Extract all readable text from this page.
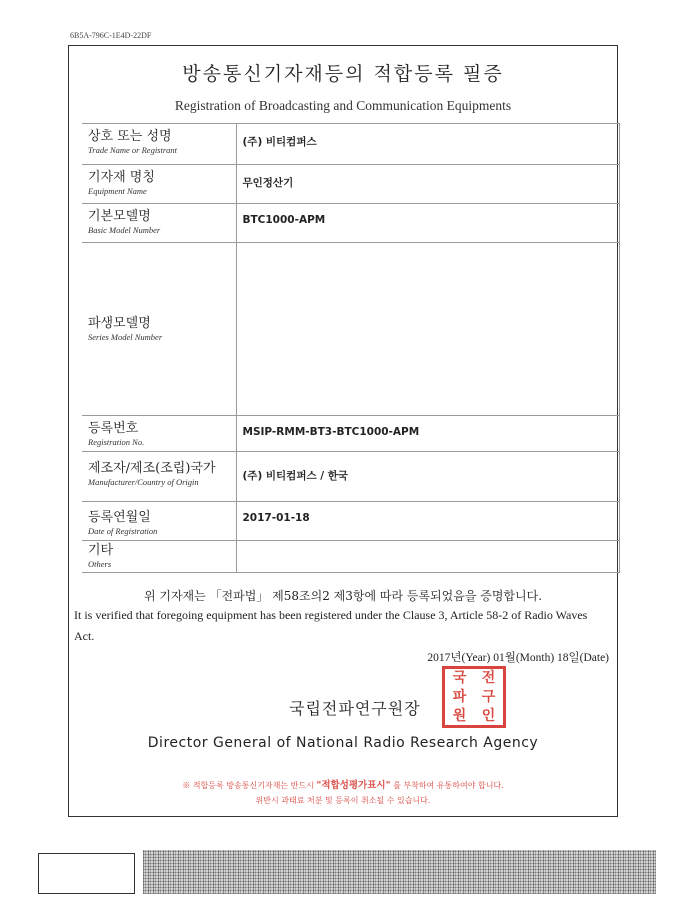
6B5A-796C-1E4D-22DF
방송통신기자재등의 적합등록 필증
Registration of Broadcasting and Communication Equipments
상호 또는 성명
Trade Name or Registrant	(주) 비티컴퍼스

기자재 명칭
Equipment Name	무인정산기

기본모델명
Basic Model Number	BTC1000-APM

파생모델명
Series Model Number	

등록번호
Registration No.	MSIP-RMM-BT3-BTC1000-APM

제조자/제조(조립)국가
Manufacturer/Country of Origin	(주) 비티컴퍼스 / 한국

등록연월일
Date of Registration	2017-01-18

기타
Others	

위 기자재는 「전파법」 제58조의2 제3항에 따라 등록되었음을 증명합니다.
It is verified that foregoing equipment has been registered under the Clause 3, Article 58-2 of Radio Waves Act.
2017년(Year) 01월(Month) 18일(Date)
국립전파연구원장
국	전
파	구
원	인
Director General of National Radio Research Agency
※ 적합등록 방송통신기자재는 반드시 "적합성평가표시" 를 부착하여 유통하여야 합니다.
위반시 과태료 처분 및 등록이 취소될 수 있습니다.
